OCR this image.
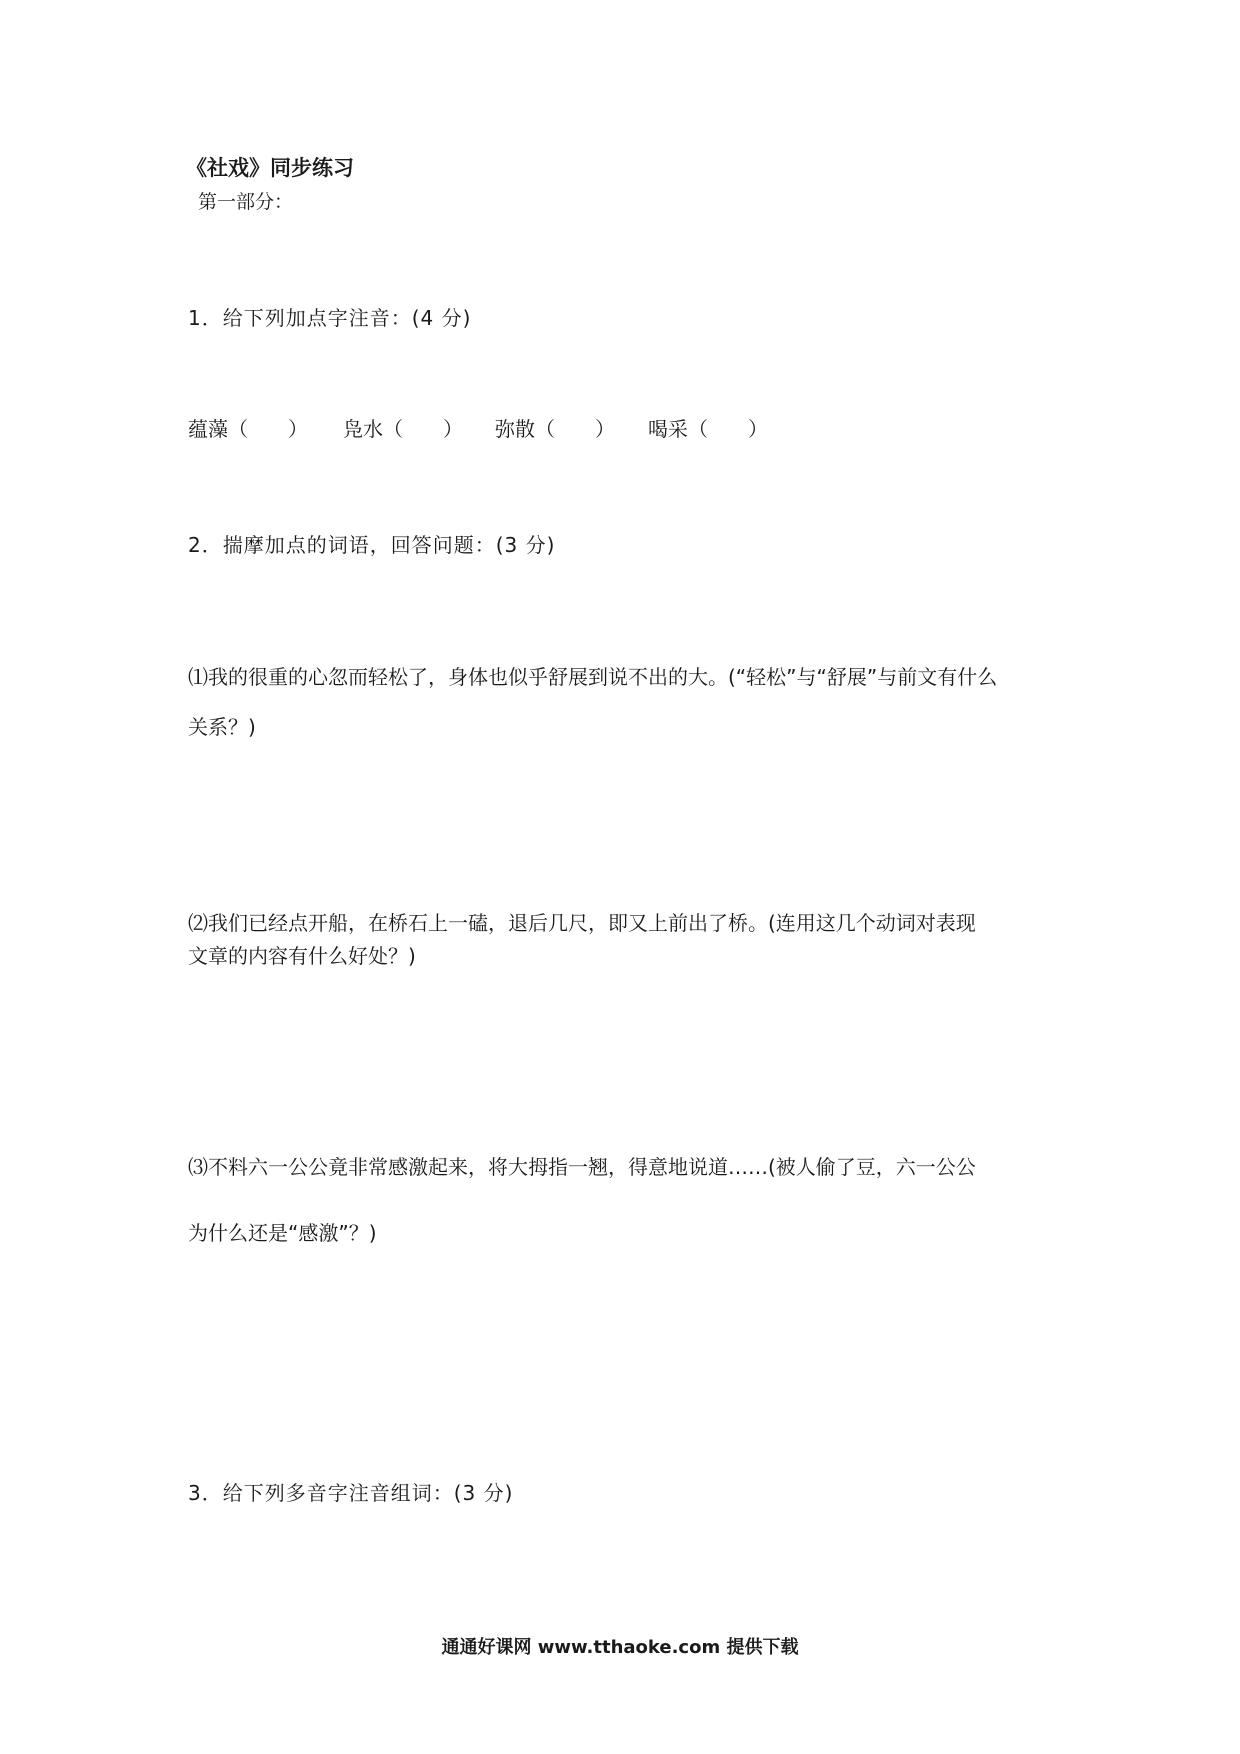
《社戏》同步练习
第一部分：
1．给下列加点字注音：(4 分)
蕴藻（　　） 凫水（　　） 弥散（　　） 喝采（　　）
2．揣摩加点的词语，回答问题：(3 分)
⑴我的很重的心忽而轻松了，身体也似乎舒展到说不出的大。(“轻松”与“舒展”与前文有什么
关系？)
⑵我们已经点开船，在桥石上一磕，退后几尺，即又上前出了桥。(连用这几个动词对表现
文章的内容有什么好处？)
⑶不料六一公公竟非常感激起来，将大拇指一翘，得意地说道……(被人偷了豆，六一公公
为什么还是“感激”？)
3．给下列多音字注音组词：(3 分)
通通好课网 www.tthaoke.com 提供下载
